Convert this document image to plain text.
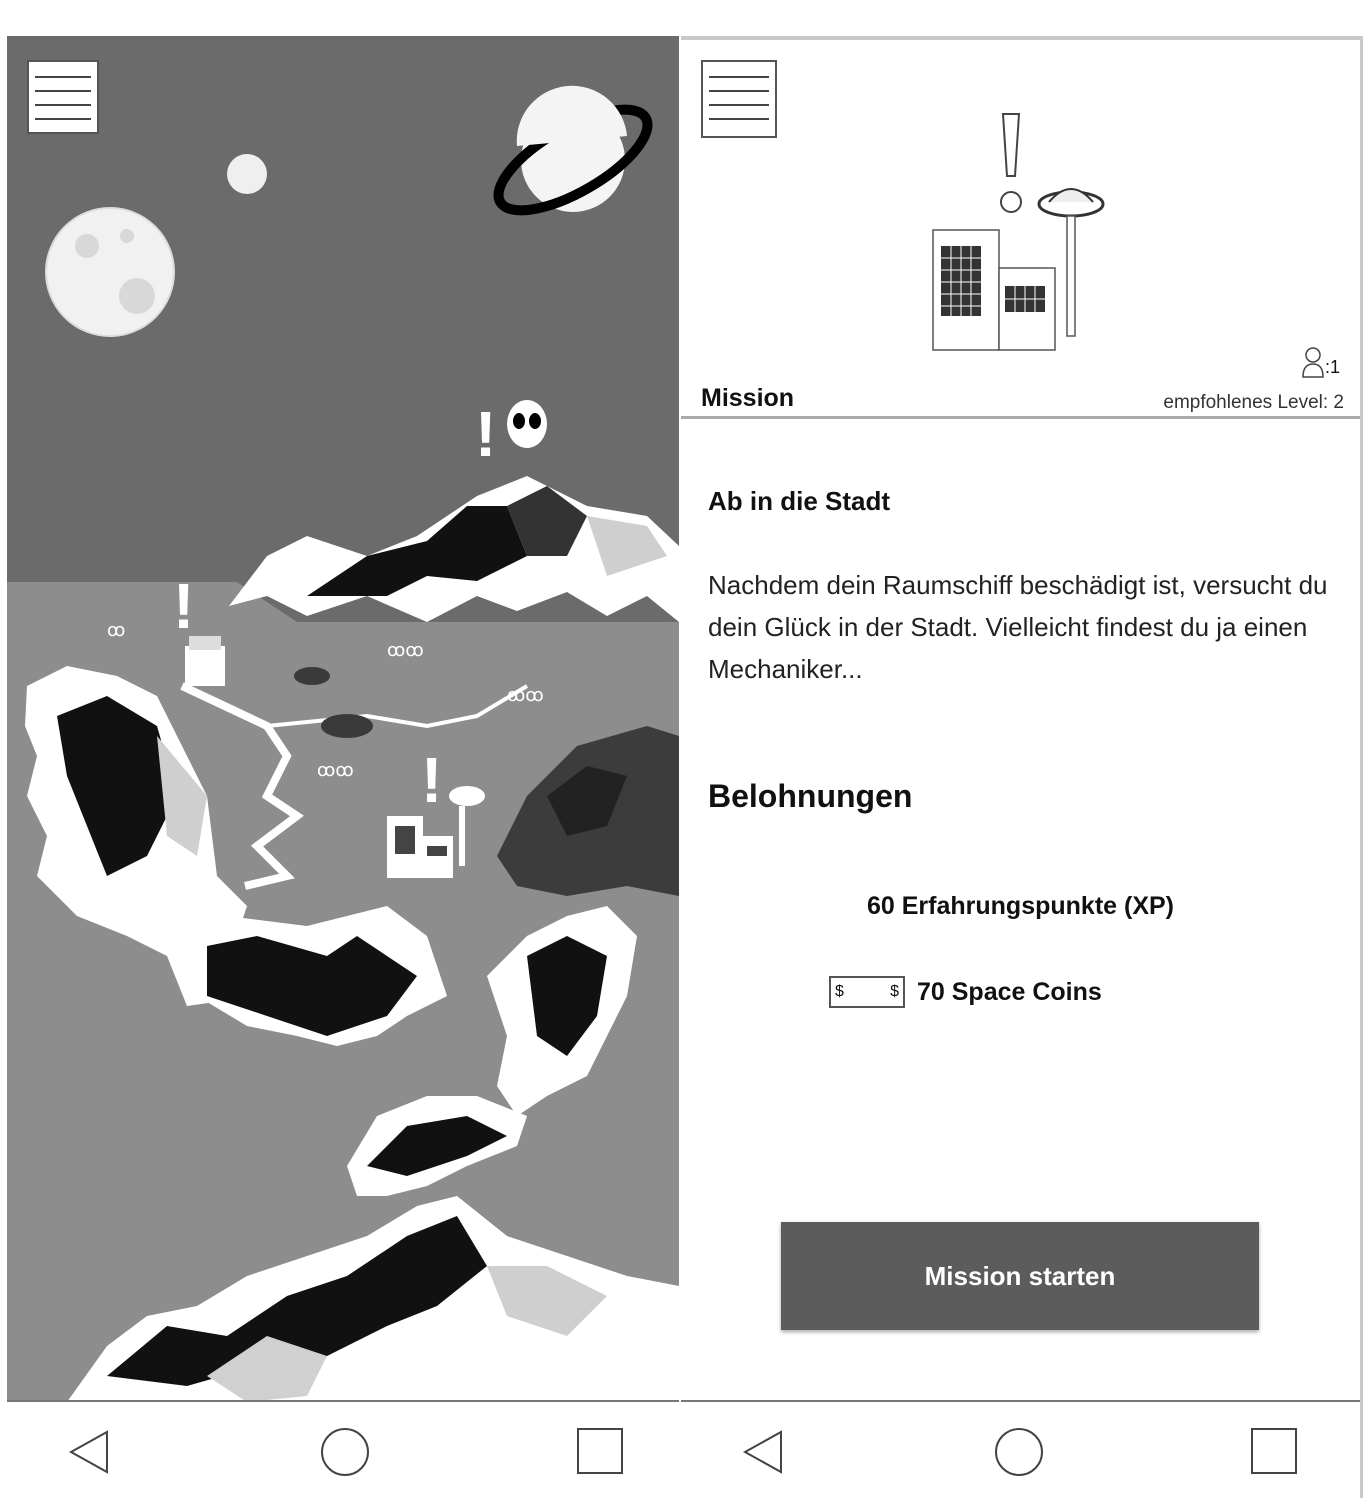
!
!
ꝏꝏ
ꝏꝏ
ꝏꝏ
ꝏ
!
:1
Mission	empfohlenes Level: 2
Ab in die Stadt
Nachdem dein Raumschiff beschädigt ist, versucht du dein Glück in der Stadt. Vielleicht findest du ja einen Mechaniker...
Belohnungen
60 Erfahrungspunkte (XP)
$	$ 70 Space Coins
Mission starten
